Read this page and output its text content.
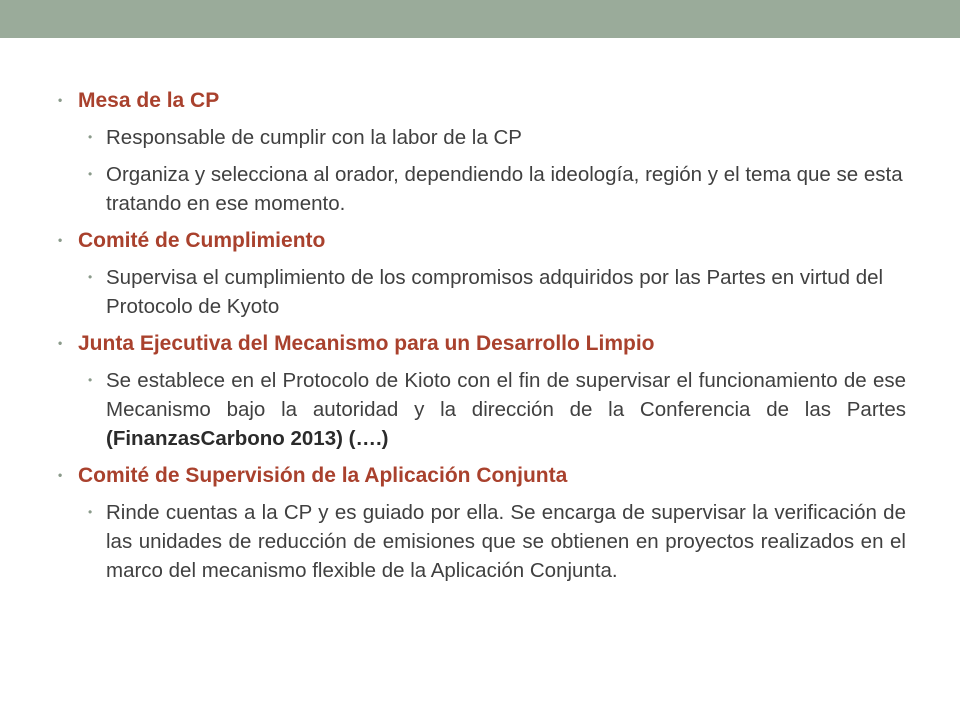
• Mesa de la CP
• Responsable de cumplir con la labor de la CP
• Organiza y selecciona al orador, dependiendo la ideología, región y el tema que se esta tratando en ese momento.
• Comité de Cumplimiento
• Supervisa el cumplimiento de los compromisos adquiridos por las Partes en virtud del Protocolo de Kyoto
• Junta Ejecutiva del Mecanismo para un Desarrollo Limpio
• Se establece en el Protocolo de Kioto con el fin de supervisar el funcionamiento de ese Mecanismo bajo la autoridad y la dirección de la Conferencia de las Partes (FinanzasCarbono 2013) (….)
• Comité de Supervisión de la Aplicación Conjunta
• Rinde cuentas a la CP y es guiado por ella. Se encarga de supervisar la verificación de las unidades de reducción de emisiones que se obtienen en proyectos realizados en el marco del mecanismo flexible de la Aplicación Conjunta.
